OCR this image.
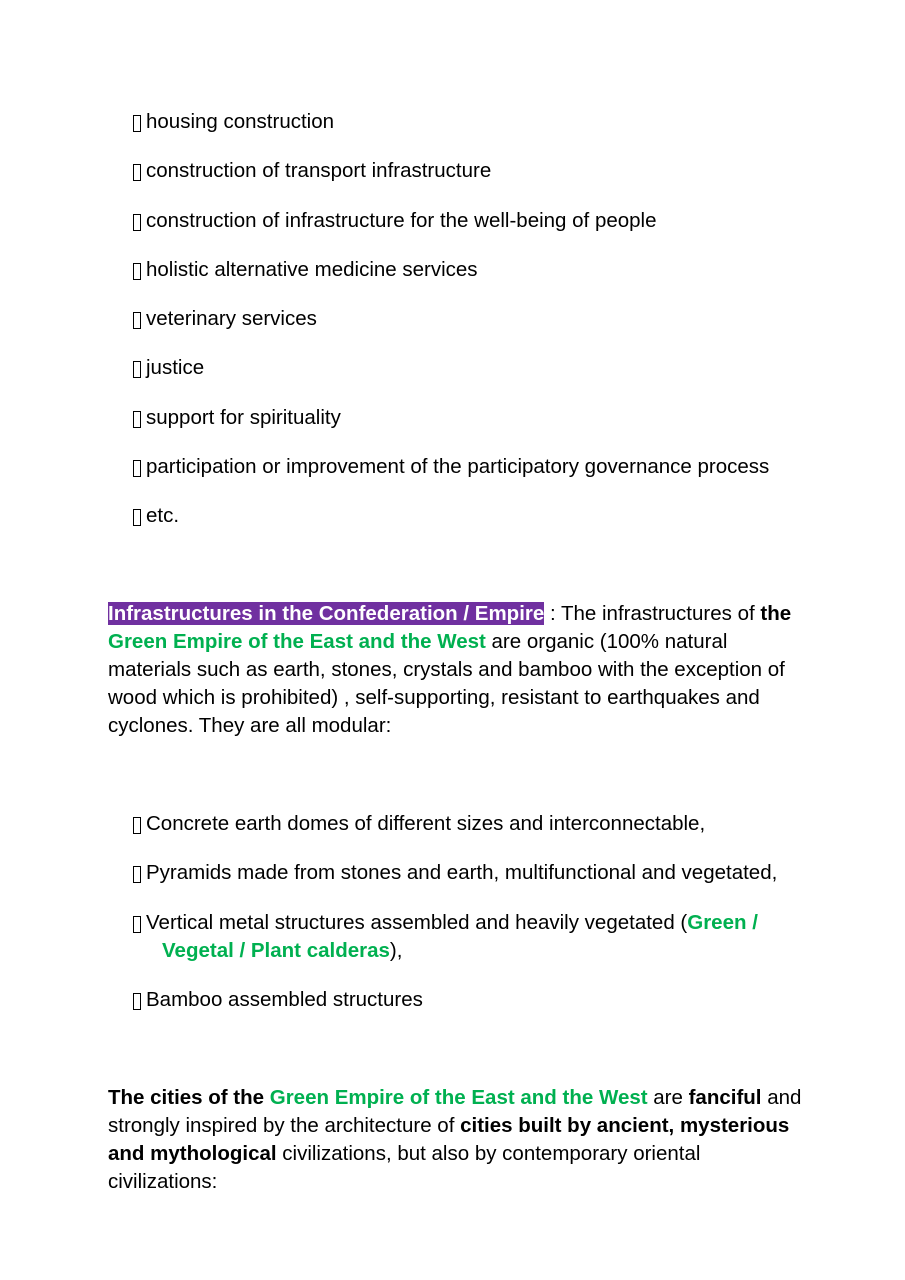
housing construction
construction of transport infrastructure
construction of infrastructure for the well-being of people
holistic alternative medicine services
veterinary services
justice
support for spirituality
participation or improvement of the participatory governance process
etc.

Infrastructures in the Confederation / Empire : The infrastructures of the
Green Empire of the East and the West are organic (100% natural materials such as earth, stones, crystals and bamboo with the exception of wood which is prohibited) , self-supporting, resistant to earthquakes and cyclones. They are all modular:

Concrete earth domes of different sizes and interconnectable,
Pyramids made from stones and earth, multifunctional and vegetated,
Vertical metal structures assembled and heavily vegetated (Green /
Vegetal / Plant calderas),
Bamboo assembled structures

The cities of the Green Empire of the East and the West are fanciful and strongly inspired by the architecture of cities built by ancient, mysterious and mythological civilizations, but also by contemporary oriental civilizations:
